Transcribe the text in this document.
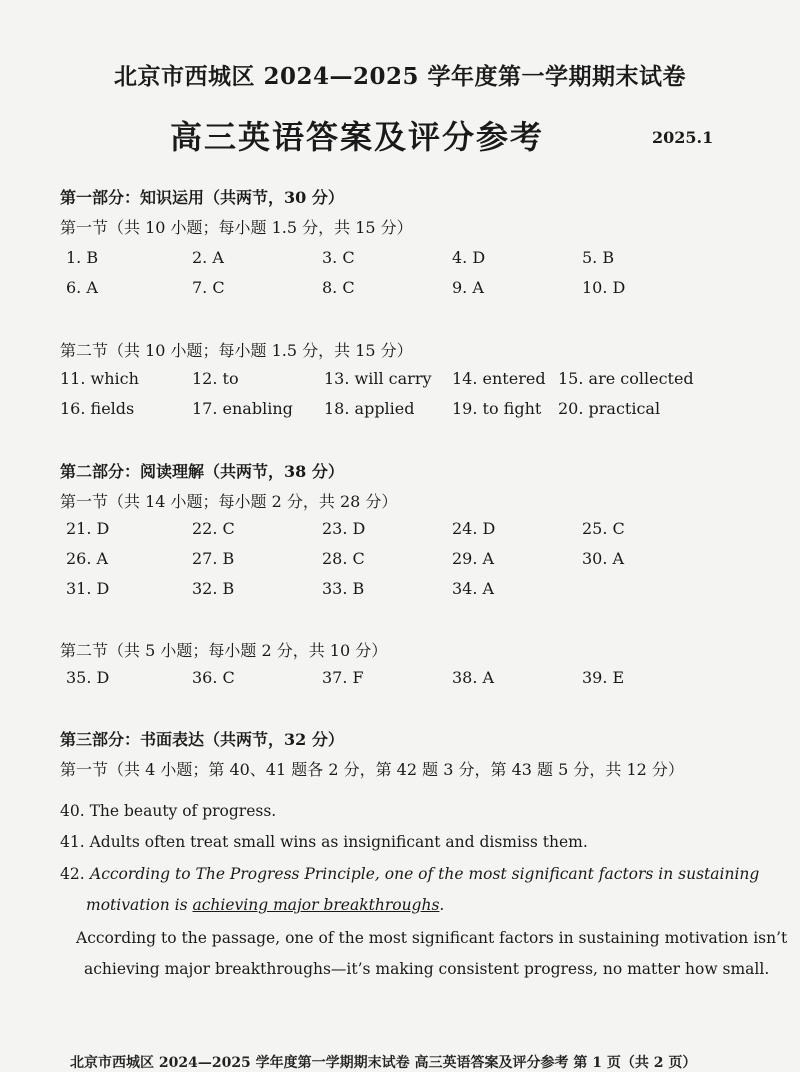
北京市西城区 2024—2025 学年度第一学期期末试卷
高三英语答案及评分参考	2025.1
第一部分：知识运用（共两节，30 分）
第一节（共 10 小题；每小题 1.5 分，共 15 分）
1. B	2. A	3. C	4. D	5. B
6. A	7. C	8. C	9. A	10. D
第二节（共 10 小题；每小题 1.5 分，共 15 分）
11. which	12. to	13. will carry 14. entered 15. are collected
16. fields	17. enabling 18. applied 19. to fight 20. practical
第二部分：阅读理解（共两节，38 分）
第一节（共 14 小题；每小题 2 分，共 28 分）
21. D	22. C	23. D	24. D	25. C
26. A	27. B	28. C	29. A	30. A
31. D	32. B	33. B	34. A
第二节（共 5 小题；每小题 2 分，共 10 分）
35. D	36. C	37. F	38. A	39. E
第三部分：书面表达（共两节，32 分）
第一节（共 4 小题；第 40、41 题各 2 分，第 42 题 3 分，第 43 题 5 分，共 12 分）
40. The beauty of progress.
41. Adults often treat small wins as insignificant and dismiss them.
42. According to The Progress Principle, one of the most significant factors in sustaining
motivation is achieving major breakthroughs.
According to the passage, one of the most significant factors in sustaining motivation isn’t
achieving major breakthroughs—it’s making consistent progress, no matter how small.
北京市西城区 2024—2025 学年度第一学期期末试卷 高三英语答案及评分参考 第 1 页（共 2 页）
